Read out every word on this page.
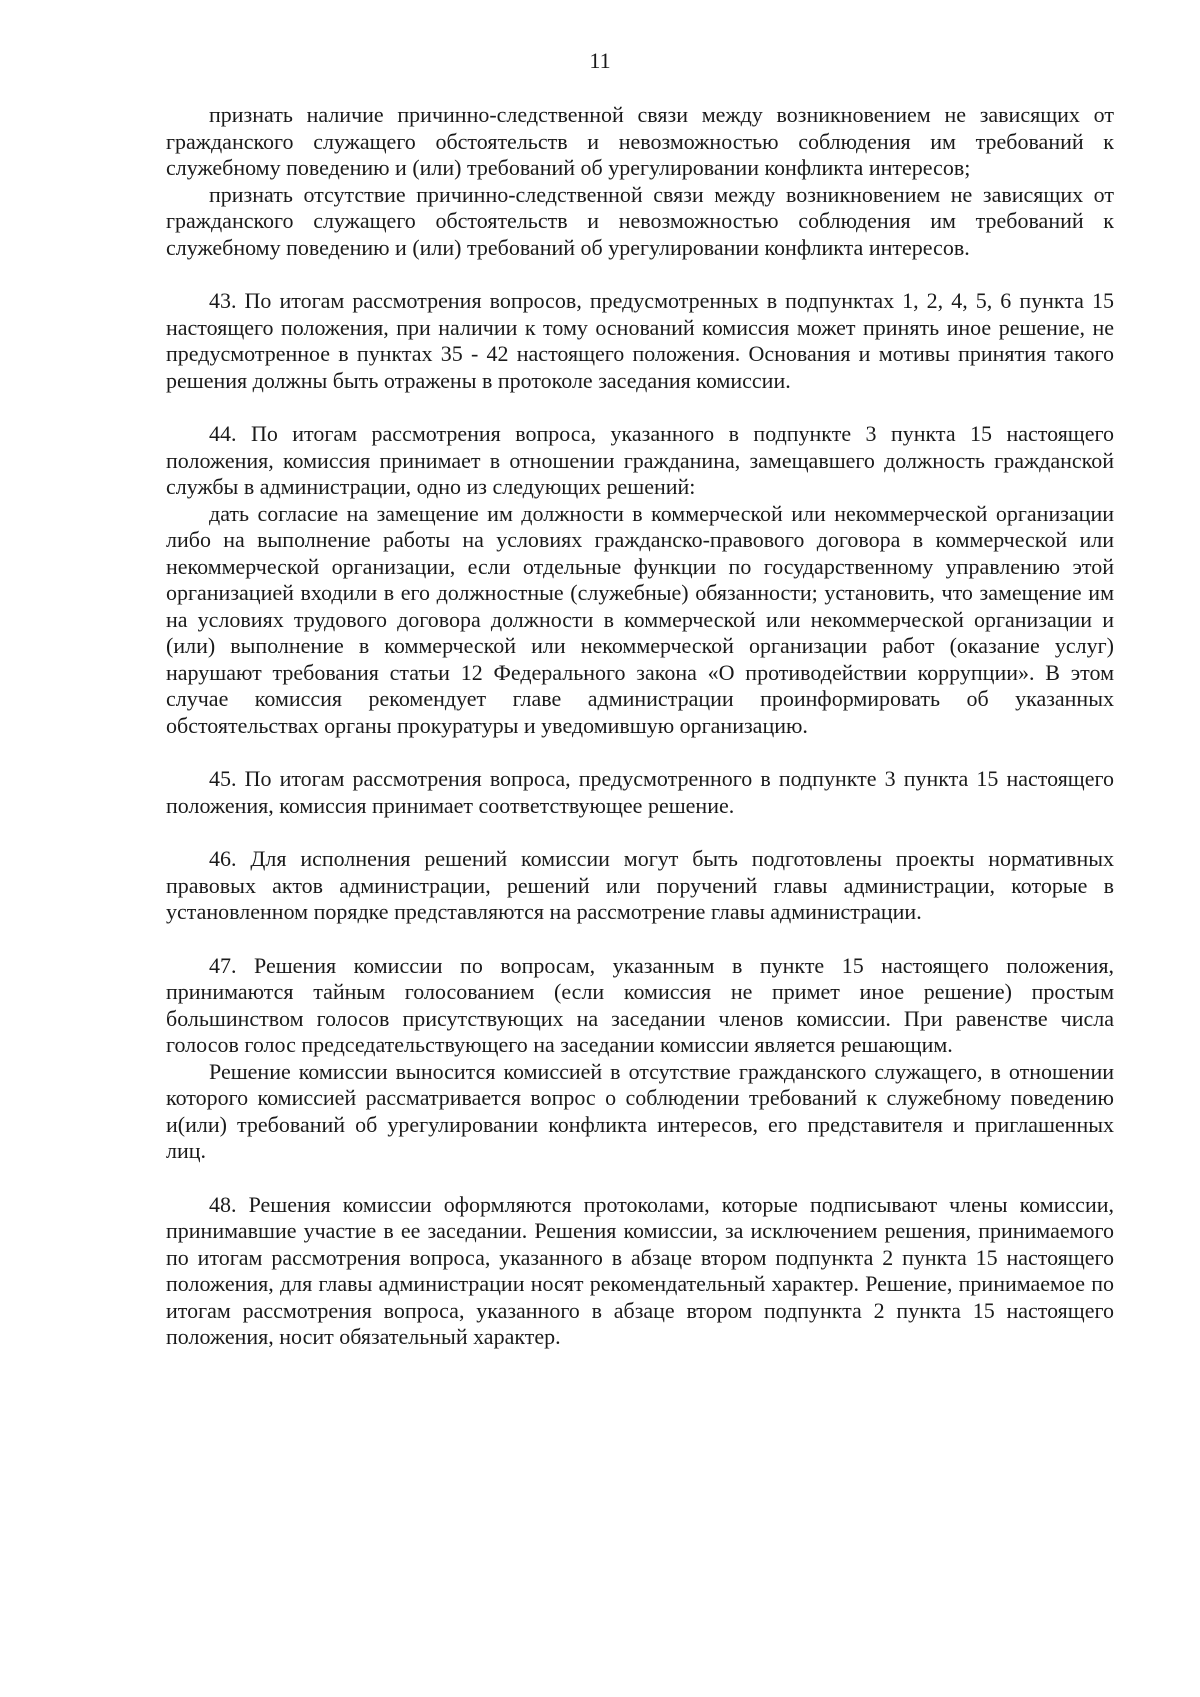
11

признать наличие причинно-следственной связи между возникновением не зависящих от гражданского служащего обстоятельств и невозможностью соблюдения им требований к служебному поведению и (или) требований об урегулировании конфликта интересов;

признать отсутствие причинно-следственной связи между возникновением не зависящих от гражданского служащего обстоятельств и невозможностью соблюдения им требований к служебному поведению и (или) требований об урегулировании конфликта интересов.

43. По итогам рассмотрения вопросов, предусмотренных в подпунктах 1, 2, 4, 5, 6 пункта 15 настоящего положения, при наличии к тому оснований комиссия может принять иное решение, не предусмотренное в пунктах 35 - 42 настоящего положения. Основания и мотивы принятия такого решения должны быть отражены в протоколе заседания комиссии.

44. По итогам рассмотрения вопроса, указанного в подпункте 3 пункта 15 настоящего положения, комиссия принимает в отношении гражданина, замещавшего должность гражданской службы в администрации, одно из следующих решений:

дать согласие на замещение им должности в коммерческой или некоммерческой организации либо на выполнение работы на условиях гражданско-правового договора в коммерческой или некоммерческой организации, если отдельные функции по государственному управлению этой организацией входили в его должностные (служебные) обязанности; установить, что замещение им на условиях трудового договора должности в коммерческой или некоммерческой организации и (или) выполнение в коммерческой или некоммерческой организации работ (оказание услуг) нарушают требования статьи 12 Федерального закона «О противодействии коррупции». В этом случае комиссия рекомендует главе администрации проинформировать об указанных обстоятельствах органы прокуратуры и уведомившую организацию.

45. По итогам рассмотрения вопроса, предусмотренного в подпункте 3 пункта 15 настоящего положения, комиссия принимает соответствующее решение.

46. Для исполнения решений комиссии могут быть подготовлены проекты нормативных правовых актов администрации, решений или поручений главы администрации, которые в установленном порядке представляются на рассмотрение главы администрации.

47. Решения комиссии по вопросам, указанным в пункте 15 настоящего положения, принимаются тайным голосованием (если комиссия не примет иное решение) простым большинством голосов присутствующих на заседании членов комиссии. При равенстве числа голосов голос председательствующего на заседании комиссии является решающим.

Решение комиссии выносится комиссией в отсутствие гражданского служащего, в отношении которого комиссией рассматривается вопрос о соблюдении требований к служебному поведению и(или) требований об урегулировании конфликта интересов, его представителя и приглашенных лиц.

48. Решения комиссии оформляются протоколами, которые подписывают члены комиссии, принимавшие участие в ее заседании. Решения комиссии, за исключением решения, принимаемого по итогам рассмотрения вопроса, указанного в абзаце втором подпункта 2 пункта 15 настоящего положения, для главы администрации носят рекомендательный характер. Решение, принимаемое по итогам рассмотрения вопроса, указанного в абзаце втором подпункта 2 пункта 15 настоящего положения, носит обязательный характер.
